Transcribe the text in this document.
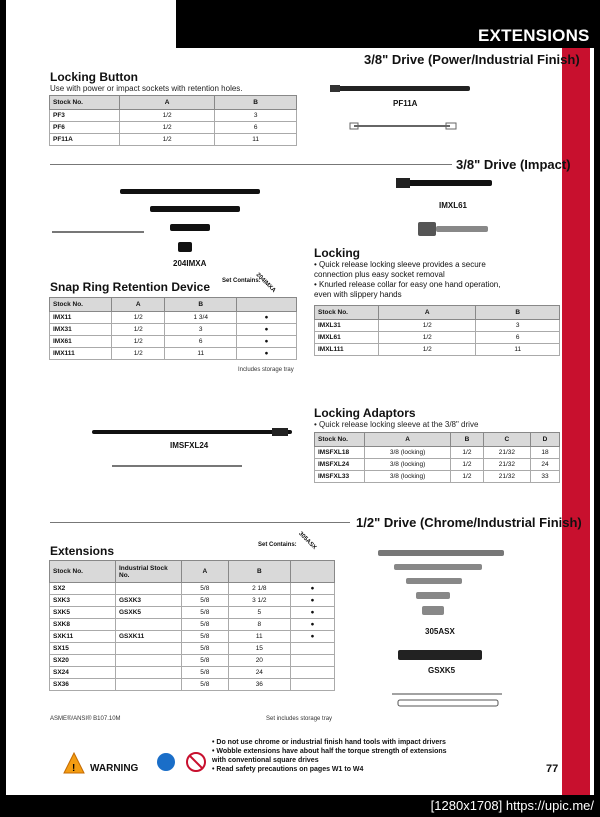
EXTENSIONS
3/8" Drive (Power/Industrial Finish)
Locking Button
Use with power or impact sockets with retention holes.
Stock No.	A	B
PF3	1/2	3
PF6	1/2	6
PF11A	1/2	11
PF11A
3/8" Drive (Impact)
204IMXA
IMXL61
Snap Ring Retention Device Set Contains:
204IMXA
Stock No.	A	B	
IMX11	1/2	1 3/4	●
IMX31	1/2	3	●
IMX61	1/2	6	●
IMX111	1/2	11	●
Includes storage tray
Locking
• Quick release locking sleeve provides a secure
connection plus easy socket removal
• Knurled release collar for easy one hand operation,
even with slippery hands
Stock No.	A	B
IMXL31	1/2	3
IMXL61	1/2	6
IMXL111	1/2	11
IMSFXL24
Locking Adaptors
• Quick release locking sleeve at the 3/8" drive
Stock No.	A	B	C	D
IMSFXL18	3/8 (locking)	1/2	21/32	18
IMSFXL24	3/8 (locking)	1/2	21/32	24
IMSFXL33	3/8 (locking)	1/2	21/32	33
1/2" Drive (Chrome/Industrial Finish)
Extensions	Set Contains: 305ASX
Stock No.	Industrial Stock No.	A	B	
SX2		5/8	2 1/8	●
SXK3	GSXK3	5/8	3 1/2	●
SXK5	GSXK5	5/8	5	●
SXK8		5/8	8	●
SXK11	GSXK11	5/8	11	●
SX15		5/8	15	
SX20		5/8	20	
SX24		5/8	24	
SX36		5/8	36	
ASME®/ANSI® B107.10M	Set includes storage tray
305ASX
GSXK5
! WARNING
• Do not use chrome or industrial finish hand tools with impact drivers
• Wobble extensions have about half the torque strength of extensions
with conventional square drives
• Read safety precautions on pages W1 to W4	77
[1280x1708] https://upic.me/
